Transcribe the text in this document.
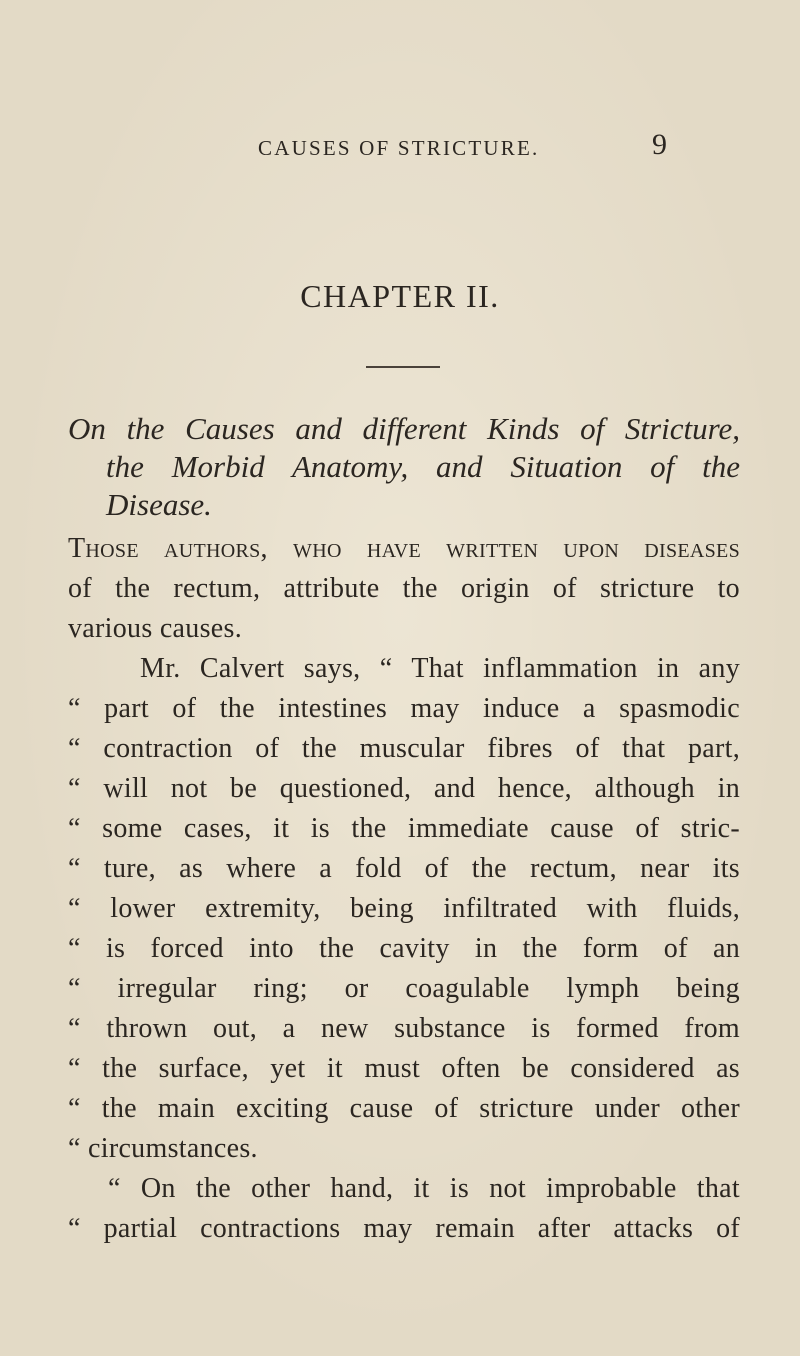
CAUSES OF STRICTURE.	9
CHAPTER II.
On the Causes and different Kinds of Stricture,
the Morbid Anatomy, and Situation of the
Disease.
Those authors, who have written upon diseases
of the rectum, attribute the origin of stricture to
various causes.
Mr. Calvert says, “ That inflammation in any
“ part of the intestines may induce a spasmodic
“ contraction of the muscular fibres of that part,
“ will not be questioned, and hence, although in
“ some cases, it is the immediate cause of stric-
“ ture, as where a fold of the rectum, near its
“ lower extremity, being infiltrated with fluids,
“ is forced into the cavity in the form of an
“ irregular ring; or coagulable lymph being
“ thrown out, a new substance is formed from
“ the surface, yet it must often be considered as
“ the main exciting cause of stricture under other
“ circumstances.
“ On the other hand, it is not improbable that
“ partial contractions may remain after attacks of
